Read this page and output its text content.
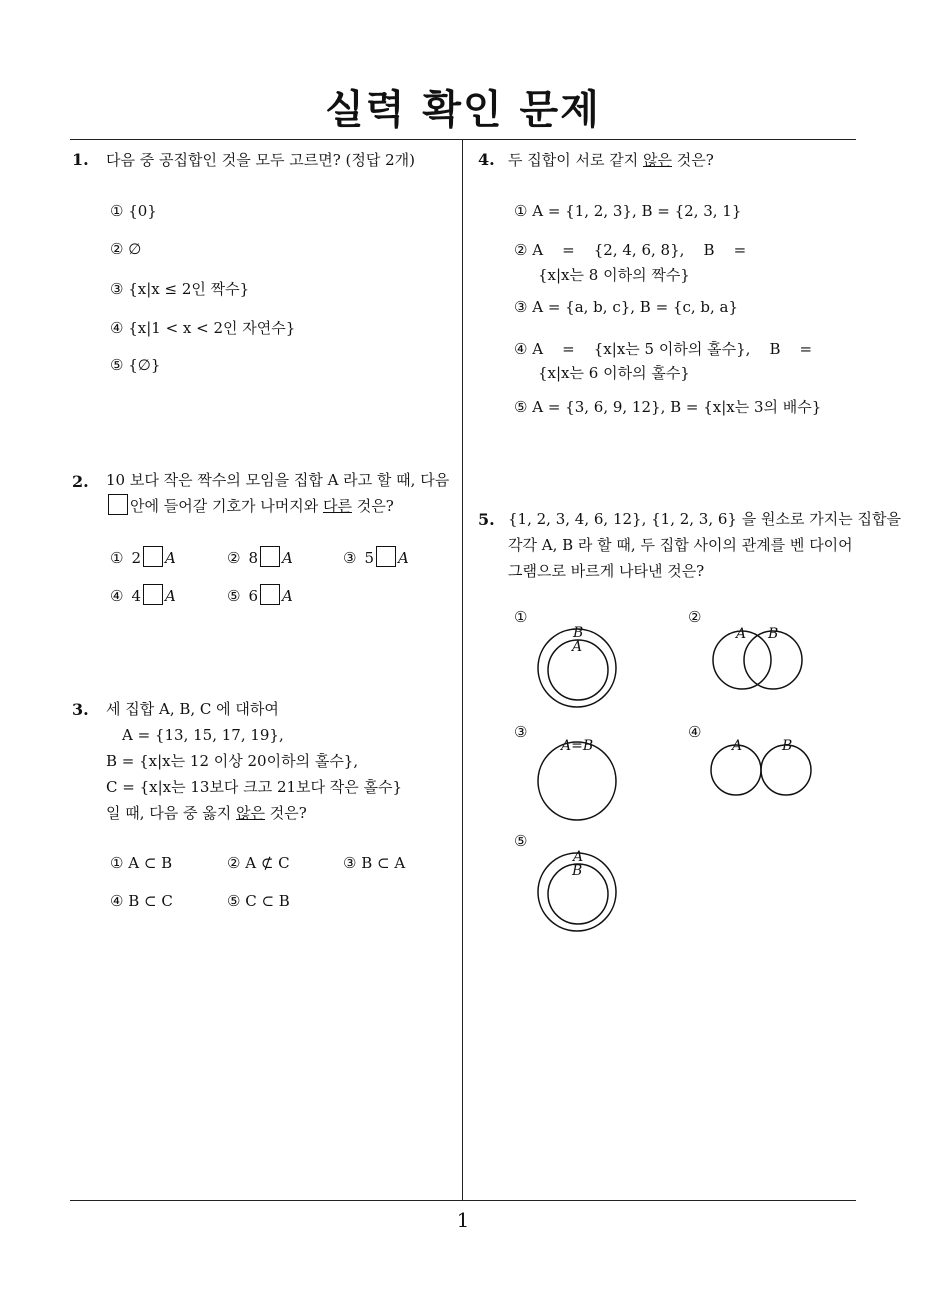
실력 확인 문제
1
1. 다음 중 공집합인 것을 모두 고르면? (정답 2개)
① {0}
② ∅
③ {x|x ≤ 2인 짝수}
④ {x|1 < x < 2인 자연수}
⑤ {∅}
2. 10 보다 작은 짝수의 모임을 집합 A 라고 할 때, 다음
안에 들어갈 기호가 나머지와 다른 것은?
① 2 A	② 8 A	③ 5 A
④ 4 A	⑤ 6 A
3. 세 집합 A, B, C 에 대하여
A = {13, 15, 17, 19},
B = {x|x는 12 이상 20이하의 홀수},
C = {x|x는 13보다 크고 21보다 작은 홀수}
일 때, 다음 중 옳지 않은 것은?
① A ⊂ B	② A ⊄ C	③ B ⊂ A
④ B ⊂ C	⑤ C ⊂ B
4. 두 집합이 서로 같지 않은 것은?
① A = {1, 2, 3}, B = {2, 3, 1}
② A    =    {2, 4, 6, 8},    B    =
{x|x는 8 이하의 짝수}
③ A = {a, b, c}, B = {c, b, a}
④ A    =    {x|x는 5 이하의 홀수},    B    =
{x|x는 6 이하의 홀수}
⑤ A = {3, 6, 9, 12}, B = {x|x는 3의 배수}
5. {1, 2, 3, 4, 6, 12}, {1, 2, 3, 6} 을 원소로 가지는 집합을
각각 A, B 라 할 때, 두 집합 사이의 관계를 벤 다이어
그램으로 바르게 나타낸 것은?
①	②
③	④
⑤
B
A
A B
A=B	A	B
A
B
